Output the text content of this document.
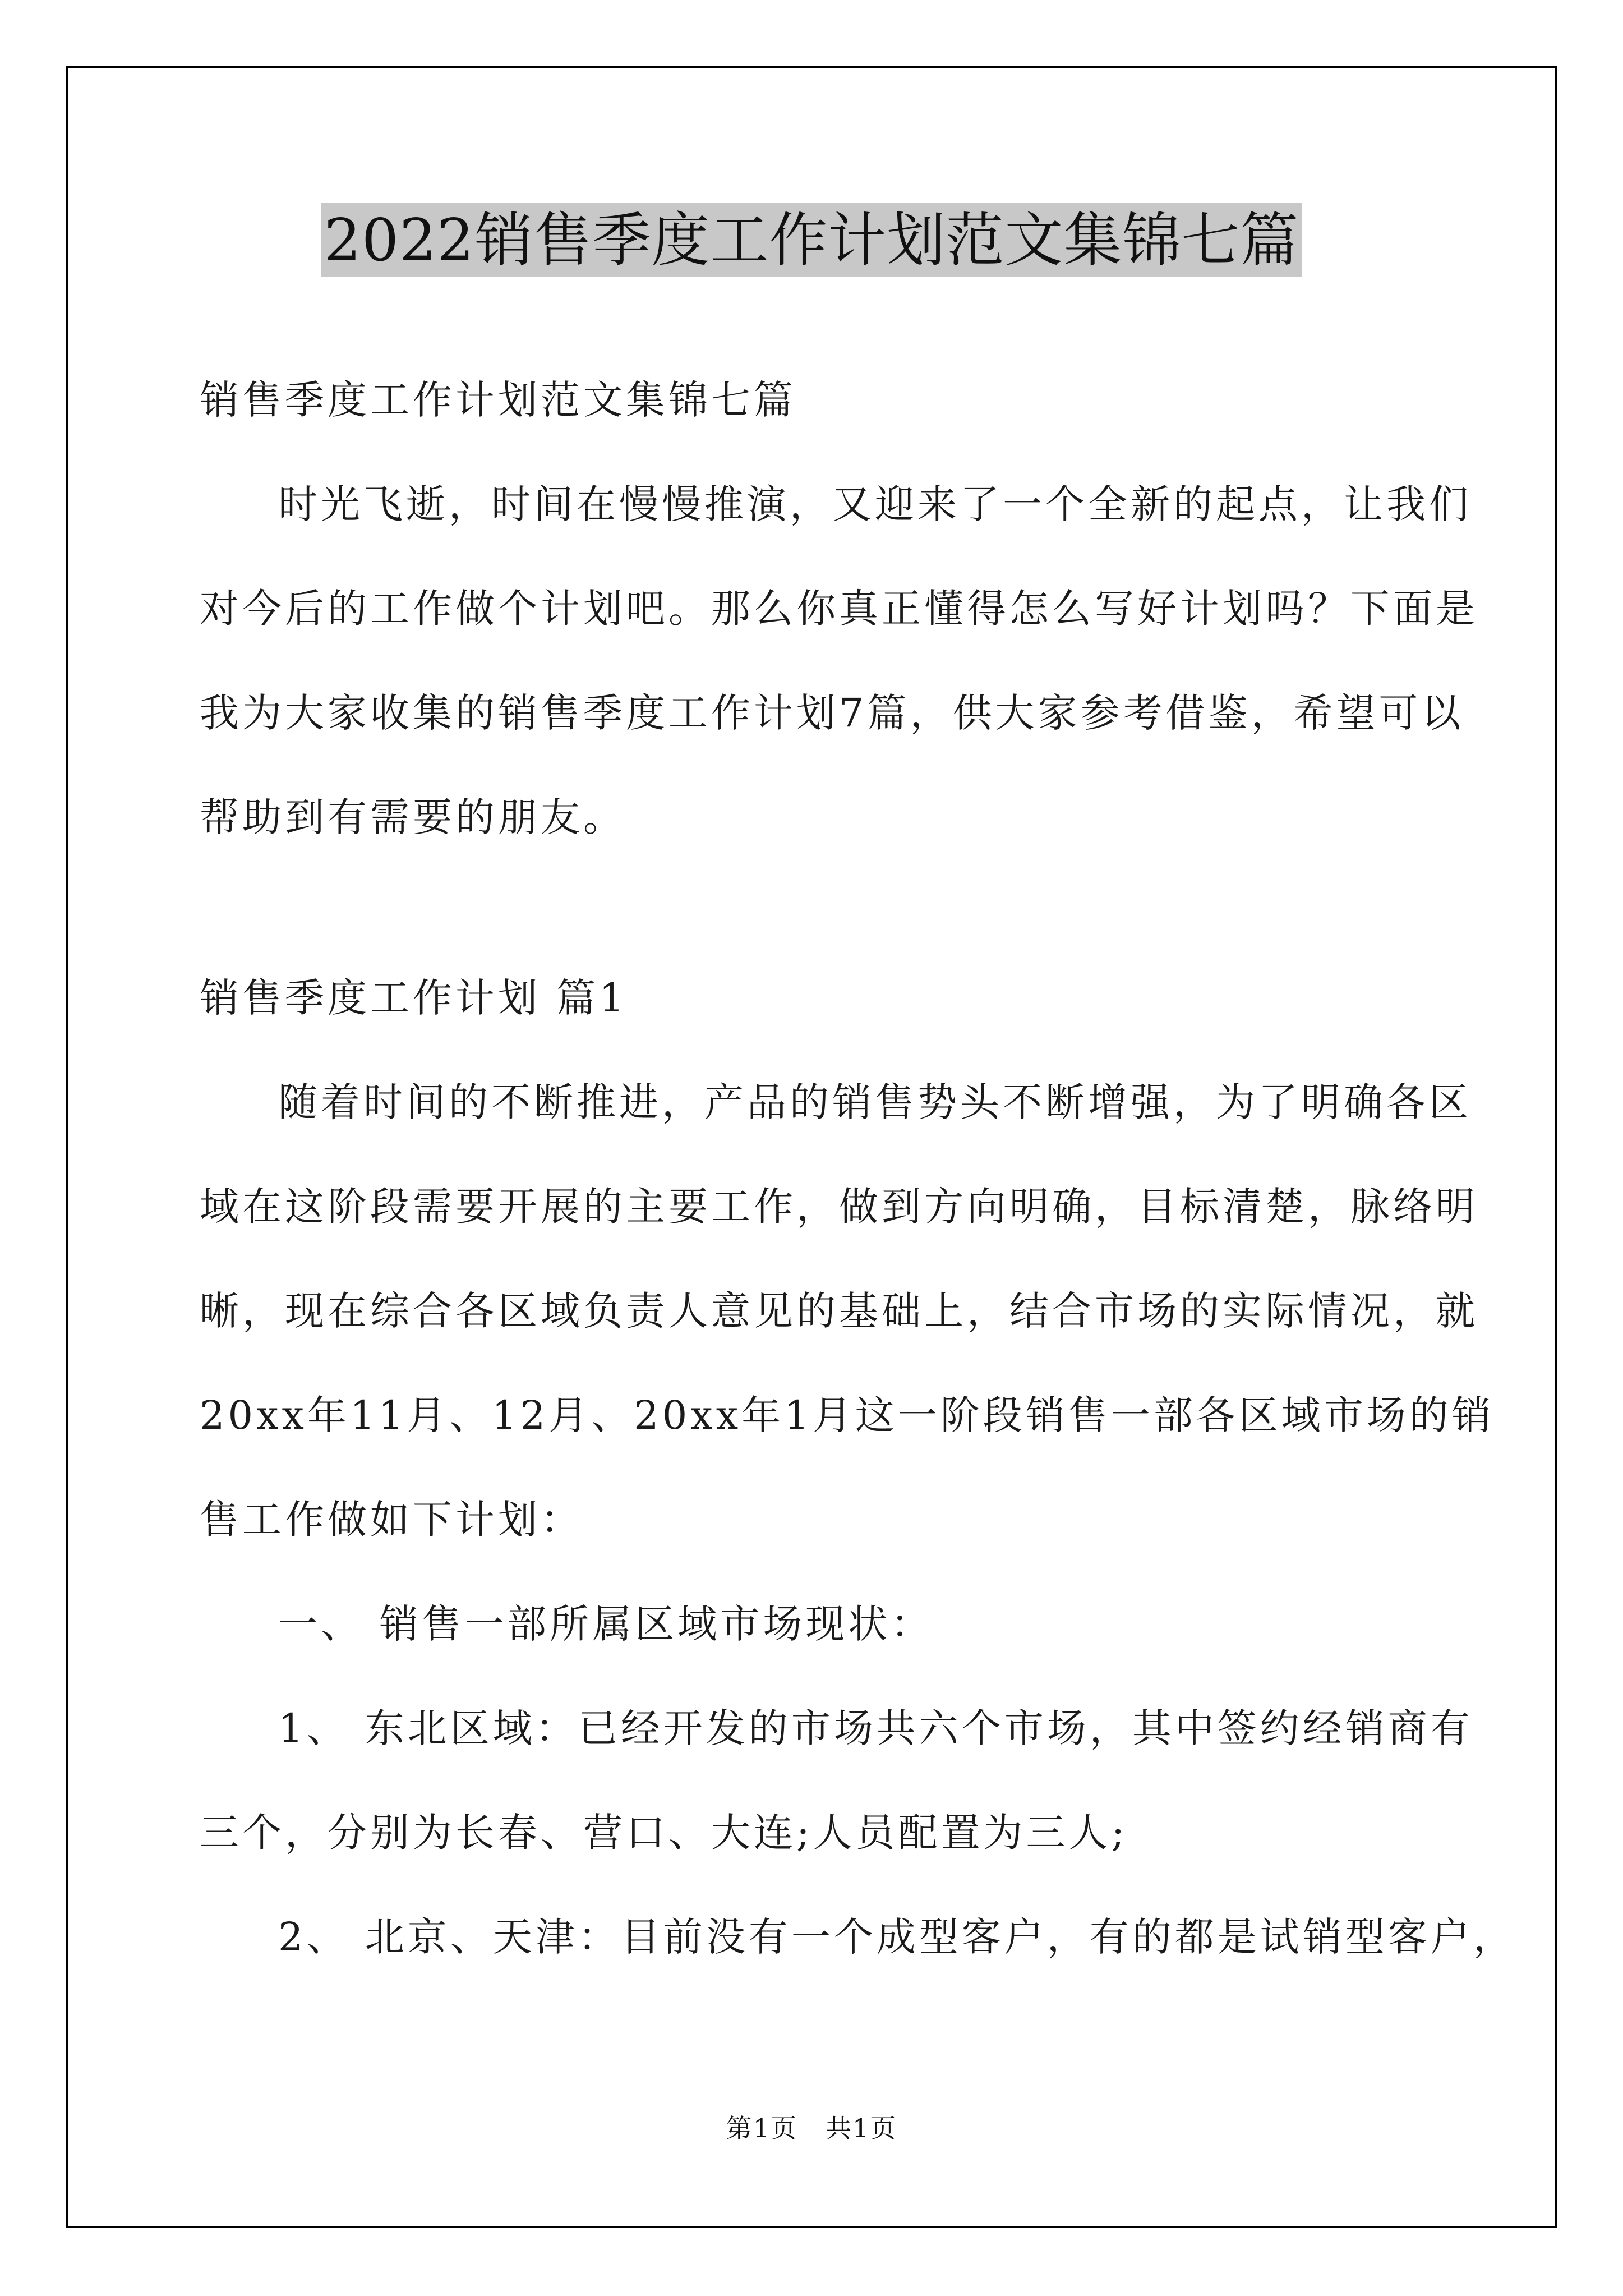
2022销售季度工作计划范文集锦七篇

销售季度工作计划范文集锦七篇

时光飞逝，时间在慢慢推演，又迎来了一个全新的起点，让我们

对今后的工作做个计划吧。那么你真正懂得怎么写好计划吗？下面是

我为大家收集的销售季度工作计划7篇，供大家参考借鉴，希望可以

帮助到有需要的朋友。

销售季度工作计划 篇1

随着时间的不断推进，产品的销售势头不断增强，为了明确各区

域在这阶段需要开展的主要工作，做到方向明确，目标清楚，脉络明

晰，现在综合各区域负责人意见的基础上，结合市场的实际情况，就

20xx年11月、12月、20xx年1月这一阶段销售一部各区域市场的销

售工作做如下计划：

一、 销售一部所属区域市场现状：

1、 东北区域：已经开发的市场共六个市场，其中签约经销商有

三个，分别为长春、营口、大连;人员配置为三人;

2、 北京、天津：目前没有一个成型客户，有的都是试销型客户，

第1页 共1页
